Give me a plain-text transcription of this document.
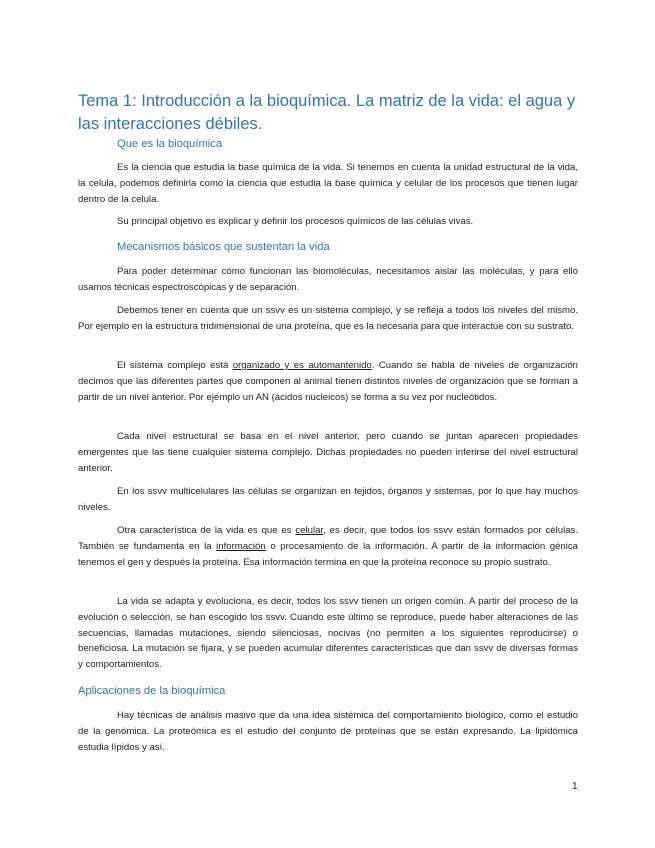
Tema 1: Introducción a la bioquímica. La matriz de la vida: el agua y las interacciones débiles.
Que es la bioquímica

Es la ciencia que estudia la base química de la vida. Si tenemos en cuenta la unidad estructural de la vida, la celula, podemos definirla como la ciencia que estudia la base química y celular de los procesos que tienen lugar dentro de la celula.

Su principal objetivo es explicar y definir los procesos químicos de las células vivas.

Mecanismos básicos que sustentan la vida

Para poder determinar cómo funcionan las biomoléculas, necesitamos aislar las moléculas, y para ello usamos técnicas espectroscópicas y de separación.

Debemos tener en cuenta que un ssvv es un sistema complejo, y se refleja a todos los niveles del mismo. Por ejemplo en la estructura tridimensional de una proteína, que es la necesaria para que interactúe con su sustrato.

El sistema complejo está organizado y es automantenido. Cuando se habla de niveles de organización decimos que las diferentes partes que componen al animal tienen distintos niveles de organización que se forman a partir de un nivel anterior. Por ejemplo un AN (ácidos nucleicos) se forma a su vez por nucleótidos.

Cada nivel estructural se basa en el nivel anterior, pero cuando se juntan aparecen propiedades emergentes que las tiene cualquier sistema complejo. Dichas propiedades no pueden inferirse del nivel estructural anterior.

En los ssvv multicelulares las células se organizan en tejidos, órganos y sistemas, por lo que hay muchos niveles.

Otra característica de la vida es que es celular, es decir, que todos los ssvv están formados por células. También se fundamenta en la información o procesamiento de la información. A partir de la información génica tenemos el gen y después la proteína. Esa información termina en que la proteína reconoce su propio sustrato.

La vida se adapta y evoluciona, es decir, todos los ssvv tienen un origen común. A partir del proceso de la evolución o selección, se han escogido los ssvv. Cuando este último se reproduce, puede haber alteraciones de las secuencias, llamadas mutaciones, siendo silenciosas, nocivas (no permiten a los siguientes reproducirse) o beneficiosa. La mutación se fijara, y se pueden acumular diferentes características que dan ssvv de diversas formas y comportamientos.

Aplicaciones de la bioquímica

Hay técnicas de análisis masivo que da una idea sistémica del comportamiento biológico, como el estudio de la genómica. La proteómica es el estudio del conjunto de proteínas que se están expresando. La lipidómica estudia lípidos y así.

1
